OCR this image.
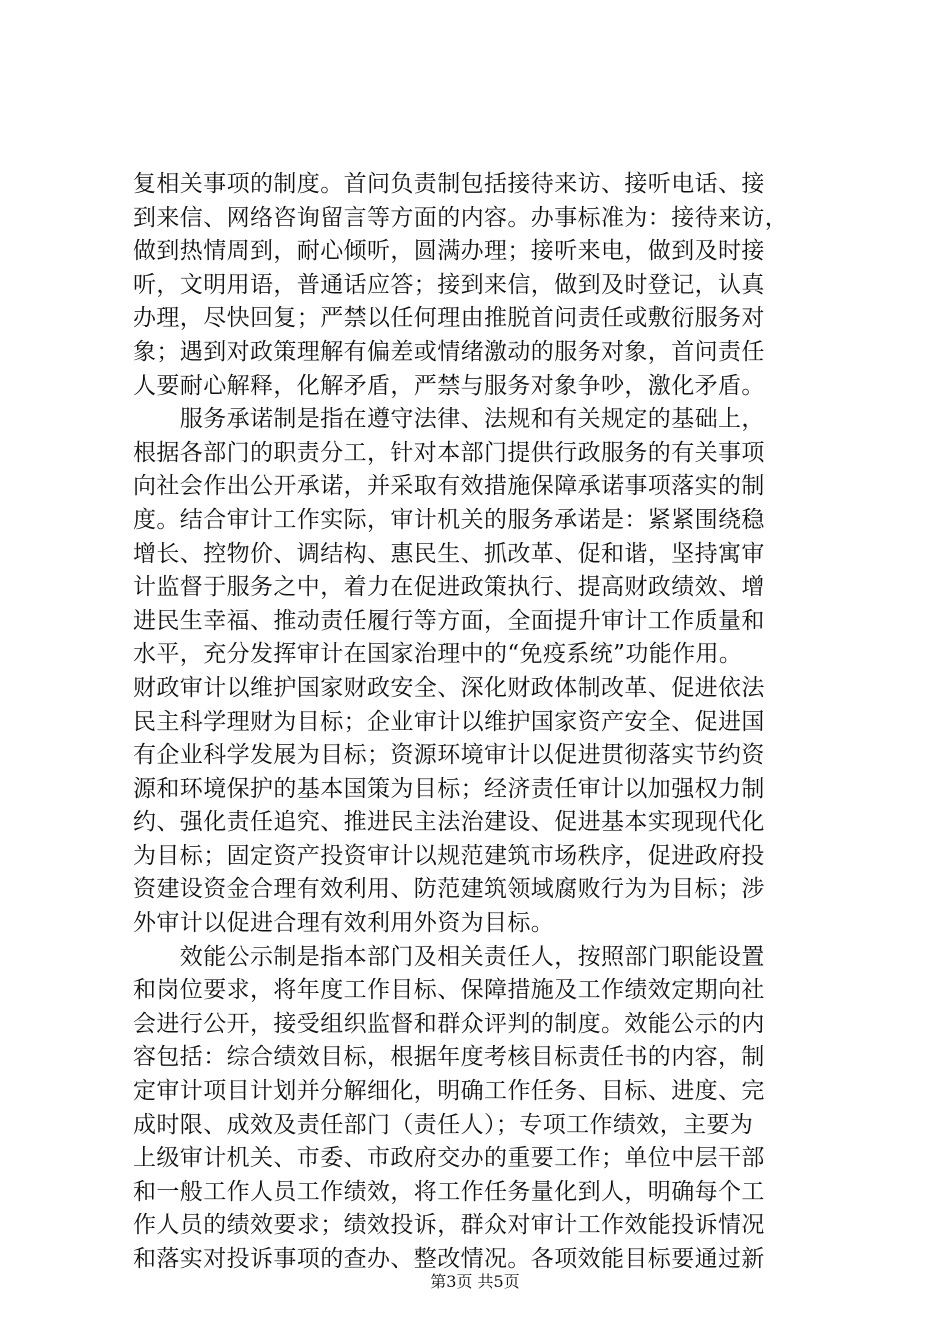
复相关事项的制度。首问负责制包括接待来访、接听电话、接
到来信、网络咨询留言等方面的内容。办事标准为：接待来访，
做到热情周到，耐心倾听，圆满办理；接听来电，做到及时接
听，文明用语，普通话应答；接到来信，做到及时登记，认真
办理，尽快回复；严禁以任何理由推脱首问责任或敷衍服务对
象；遇到对政策理解有偏差或情绪激动的服务对象，首问责任
人要耐心解释，化解矛盾，严禁与服务对象争吵，激化矛盾。
　　服务承诺制是指在遵守法律、法规和有关规定的基础上，
根据各部门的职责分工，针对本部门提供行政服务的有关事项
向社会作出公开承诺，并采取有效措施保障承诺事项落实的制
度。结合审计工作实际，审计机关的服务承诺是：紧紧围绕稳
增长、控物价、调结构、惠民生、抓改革、促和谐，坚持寓审
计监督于服务之中，着力在促进政策执行、提高财政绩效、增
进民生幸福、推动责任履行等方面，全面提升审计工作质量和
水平，充分发挥审计在国家治理中的“免疫系统”功能作用。
财政审计以维护国家财政安全、深化财政体制改革、促进依法
民主科学理财为目标；企业审计以维护国家资产安全、促进国
有企业科学发展为目标；资源环境审计以促进贯彻落实节约资
源和环境保护的基本国策为目标；经济责任审计以加强权力制
约、强化责任追究、推进民主法治建设、促进基本实现现代化
为目标；固定资产投资审计以规范建筑市场秩序，促进政府投
资建设资金合理有效利用、防范建筑领域腐败行为为目标；涉
外审计以促进合理有效利用外资为目标。
　　效能公示制是指本部门及相关责任人，按照部门职能设置
和岗位要求，将年度工作目标、保障措施及工作绩效定期向社
会进行公开，接受组织监督和群众评判的制度。效能公示的内
容包括：综合绩效目标，根据年度考核目标责任书的内容，制
定审计项目计划并分解细化，明确工作任务、目标、进度、完
成时限、成效及责任部门（责任人）；专项工作绩效，主要为
上级审计机关、市委、市政府交办的重要工作；单位中层干部
和一般工作人员工作绩效，将工作任务量化到人，明确每个工
作人员的绩效要求；绩效投诉，群众对审计工作效能投诉情况
和落实对投诉事项的查办、整改情况。各项效能目标要通过新
第3页 共5页
